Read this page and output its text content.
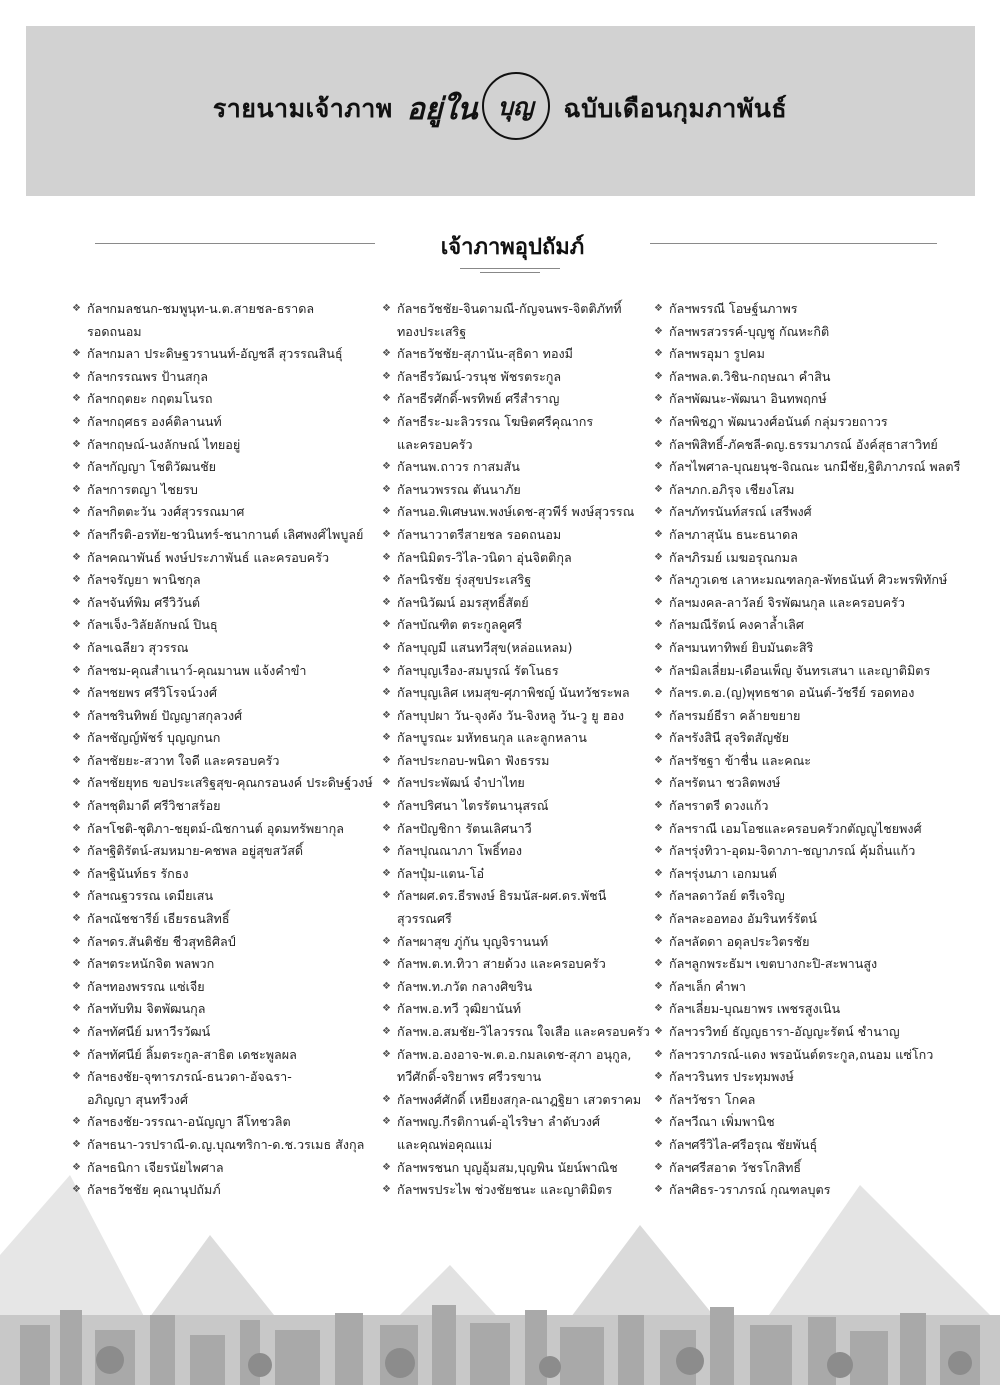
รายนามเจ้าภาพ อยู่ใน บุญ ฉบับเดือนกุมภาพันธ์
เจ้าภาพอุปถัมภ์
❖ กัลฯกมลชนก-ชมพูนุท-น.ต.สายชล-ธราดล
รอดถนอม
❖ กัลฯกมลา ประดิษฐวรานนท์-อัญชลี สุวรรณสินธุ์
❖ กัลฯกรรณพร ป้านสกุล
❖ กัลฯกฤตยะ กฤตมโนรถ
❖ กัลฯกฤศธร องค์ติลานนท์
❖ กัลฯกฤษณ์-นงลักษณ์ ไทยอยู่
❖ กัลฯกัญญา โชติวัฒนชัย
❖ กัลฯการตญา ไชยรบ
❖ กัลฯกิตตะวัน วงศ์สุวรรณมาศ
❖ กัลฯกีรติ-อรทัย-ชวนินทร์-ชนากานต์ เลิศพงศ์ไพบูลย์
❖ กัลฯคณาพันธ์ พงษ์ประภาพันธ์ และครอบครัว
❖ กัลฯจรัญยา พานิชกุล
❖ กัลฯจันท์พิม ศรีวิวันต์
❖ กัลฯเจ็ง-วิลัยลักษณ์ ปินธุ
❖ กัลฯเฉลียว สุวรรณ
❖ กัลฯชม-คุณสำเนาว์-คุณมานพ แจ้งคำขำ
❖ กัลฯชยพร ศรีวิโรจน์วงศ์
❖ กัลฯชรินทิพย์ ปัญญาสกุลวงศ์
❖ กัลฯชัญญ์พัชร์ บุญญกนก
❖ กัลฯชัยยะ-สวาท ใจดี และครอบครัว
❖ กัลฯชัยยุทธ ขอประเสริฐสุข-คุณกรอนงค์ ประดิษฐ์วงษ์
❖ กัลฯชุติมาดี ศรีวิชาสร้อย
❖ กัลฯโชติ-ชุติภา-ชยุตม์-ณิชกานต์ อุดมทรัพยากุล
❖ กัลฯฐิติรัตน์-สมหมาย-คชพล อยู่สุขสวัสดิ์
❖ กัลฯฐินันท์ธร รักธง
❖ กัลฯณฐวรรณ เดมียเสน
❖ กัลฯณัชชารีย์ เธียรธนสิทธิ์
❖ กัลฯดร.สันติชัย ชีวสุทธิศิลป์
❖ กัลฯตระหนักจิต พลพวก
❖ กัลฯทองพรรณ แซ่เจีย
❖ กัลฯทับทิม จิตพัฒนกุล
❖ กัลฯทัศนีย์ มหาวีรวัฒน์
❖ กัลฯทัศนีย์ ลิ้มตระกูล-สาธิต เดชะพูลผล
❖ กัลฯธงชัย-จุฑารภรณ์-ธนวดา-อัจฉรา-
อภิญญา สุนทรีวงศ์
❖ กัลฯธงชัย-วรรณา-อนัญญา ลีโทชวลิต
❖ กัลฯธนา-วรปราณี-ด.ญ.บุณฑริกา-ด.ช.วรเมธ สังกุล
❖ กัลฯธนิกา เจียรนัยไพศาล
❖ กัลฯธวัชชัย คุณานุปถัมภ์
❖ กัลฯธวัชชัย-จินดามณี-กัญจนพร-จิตติภัททิ์
ทองประเสริฐ
❖ กัลฯธวัชชัย-สุภานัน-สุธิดา ทองมี
❖ กัลฯธีรวัฒน์-วรนุช พัชรตระกูล
❖ กัลฯธีรศักดิ์-พรทิพย์ ศรีสำราญ
❖ กัลฯธีระ-มะลิวรรณ โฆษิตศรีคุณากร
และครอบครัว
❖ กัลฯนพ.ถาวร กาสมสัน
❖ กัลฯนวพรรณ ตันนาภัย
❖ กัลฯนอ.พิเศษนพ.พงษ์เดช-สุวพีร์ พงษ์สุวรรณ
❖ กัลฯนาวาตรีสายชล รอดถนอม
❖ กัลฯนิมิตร-วิไล-วนิดา อุ่นจิตติกุล
❖ กัลฯนิรชัย รุ่งสุขประเสริฐ
❖ กัลฯนิวัฒน์ อมรสุทธิ์สัตย์
❖ กัลฯบัณฑิต ตระกูลคูศรี
❖ กัลฯบุญมี แสนทวีสุข(หล่อแหลม)
❖ กัลฯบุญเรือง-สมบูรณ์ รัตโนธร
❖ กัลฯบุญเลิศ เหมสุข-ศุภาพิชญ์ นันทวัชระพล
❖ กัลฯบุปผา วัน-จุงคัง วัน-จิงหลู วัน-วู ยู ฮอง
❖ กัลฯบูรณะ มหัทธนกุล และลูกหลาน
❖ กัลฯประกอบ-พนิดา ฟังธรรม
❖ กัลฯประพัฒน์ จำปาไทย
❖ กัลฯปริศนา ไตรรัตนานุสรณ์
❖ กัลฯปัญชิกา รัตนเลิศนาวี
❖ กัลฯปุณณาภา โพธิ์ทอง
❖ กัลฯปุ๋ม-แตน-โอ๋
❖ กัลฯผศ.ดร.ธีรพงษ์ ธิรมนัส-ผศ.ดร.พัชนี
สุวรรณศรี
❖ กัลฯผาสุข ภู่กัน บุญจิรานนท์
❖ กัลฯพ.ต.ท.ทิวา สายด้วง และครอบครัว
❖ กัลฯพ.ท.ภวัต กลางศิขริน
❖ กัลฯพ.อ.ทวี วุฒิยานันท์
❖ กัลฯพ.อ.สมชัย-วิไลวรรณ ใจเสือ และครอบครัว
❖ กัลฯพ.อ.องอาจ-พ.ต.อ.กมลเดช-สุภา อนุกูล,
ทวีศักดิ์-จริยาพร ศรีวรขาน
❖ กัลฯพงศ์ศักดิ์ เหยียงสกุล-ณาฎฐิยา เสวตราคม
❖ กัลฯพญ.กีรติกานต์-อุไรริษา ลำดับวงศ์
และคุณพ่อคุณแม่
❖ กัลฯพรชนก บุญอุ้มสม,บุญพิน นัยน์พาณิช
❖ กัลฯพรประไพ ช่วงชัยชนะ และญาติมิตร
❖ กัลฯพรรณี โอษฐ์นภาพร
❖ กัลฯพรสวรรค์-บุญชู กัณหะกิติ
❖ กัลฯพรอุมา รูปคม
❖ กัลฯพล.ต.วิชิน-กฤษณา คำสิน
❖ กัลฯพัฒนะ-พัฒนา อินทพฤกษ์
❖ กัลฯพิชฎา พัฒนวงศ์อนันต์ กลุ่มรวยถาวร
❖ กัลฯพิสิทธิ์-ภัคชลี-ดญ.ธรรมาภรณ์ อังค์สุธาสาวิทย์
❖ กัลฯไพศาล-บุณยนุช-จิณณะ นกมีชัย,ฐิติภาภรณ์ พลตรี
❖ กัลฯภก.อภิรุจ เชียงโสม
❖ กัลฯภัทรนันท์สรณ์ เสรีพงศ์
❖ กัลฯภาสุนัน ธนะธนาดล
❖ กัลฯภิรมย์ เมฆอรุณกมล
❖ กัลฯภูวเดช เลาหะมณฑลกุล-พัทธนันท์ ศิวะพรพิทักษ์
❖ กัลฯมงคล-ลาวัลย์ จิรพัฒนกุล และครอบครัว
❖ กัลฯมณีรัตน์ คงคาล้ำเลิศ
❖ กัลฯมนทาทิพย์ ยิบมันตะสิริ
❖ กัลฯมิลเลี่ยม-เดือนเพ็ญ จันทรเสนา และญาติมิตร
❖ กัลฯร.ต.อ.(ญ)พุทธชาด อนันต์-วัชรีย์ รอดทอง
❖ กัลฯรมย์ธีรา คล้ายขยาย
❖ กัลฯรังสินี สุจริตสัญชัย
❖ กัลฯรัชฐา ข้าชื่น และคณะ
❖ กัลฯรัตนา ชวลิตพงษ์
❖ กัลฯราตรี ดวงแก้ว
❖ กัลฯราณี เอมโอชและครอบครัวกตัญญูไชยพงศ์
❖ กัลฯรุ่งทิวา-อุดม-จิดาภา-ชญาภรณ์ คุ้มถิ่นแก้ว
❖ กัลฯรุ่งนภา เอกมนต์
❖ กัลฯลดาวัลย์ ตรีเจริญ
❖ กัลฯละออทอง อัมรินทร์รัตน์
❖ กัลฯลัดดา อดุลประวิตรชัย
❖ กัลฯลูกพระธัมฯ เขตบางกะปิ-สะพานสูง
❖ กัลฯเล็ก คำพา
❖ กัลฯเลี่ยม-บุณยาพร เพชรสูงเนิน
❖ กัลฯวรวิทย์ ธัญญธารา-อัญญะรัตน์ ชำนาญ
❖ กัลฯวราภรณ์-แดง พรอนันต์ตระกูล,ถนอม แซ่โกว
❖ กัลฯวรินทร ประทุมพงษ์
❖ กัลฯวัชรา โกคล
❖ กัลฯวีณา เพิ่มพานิช
❖ กัลฯศรีวิไล-ศรีอรุณ ชัยพันธุ์
❖ กัลฯศรีสอาด วัชรโกสิทธิ์
❖ กัลฯศิธร-วราภรณ์ กุณฑลบุตร
